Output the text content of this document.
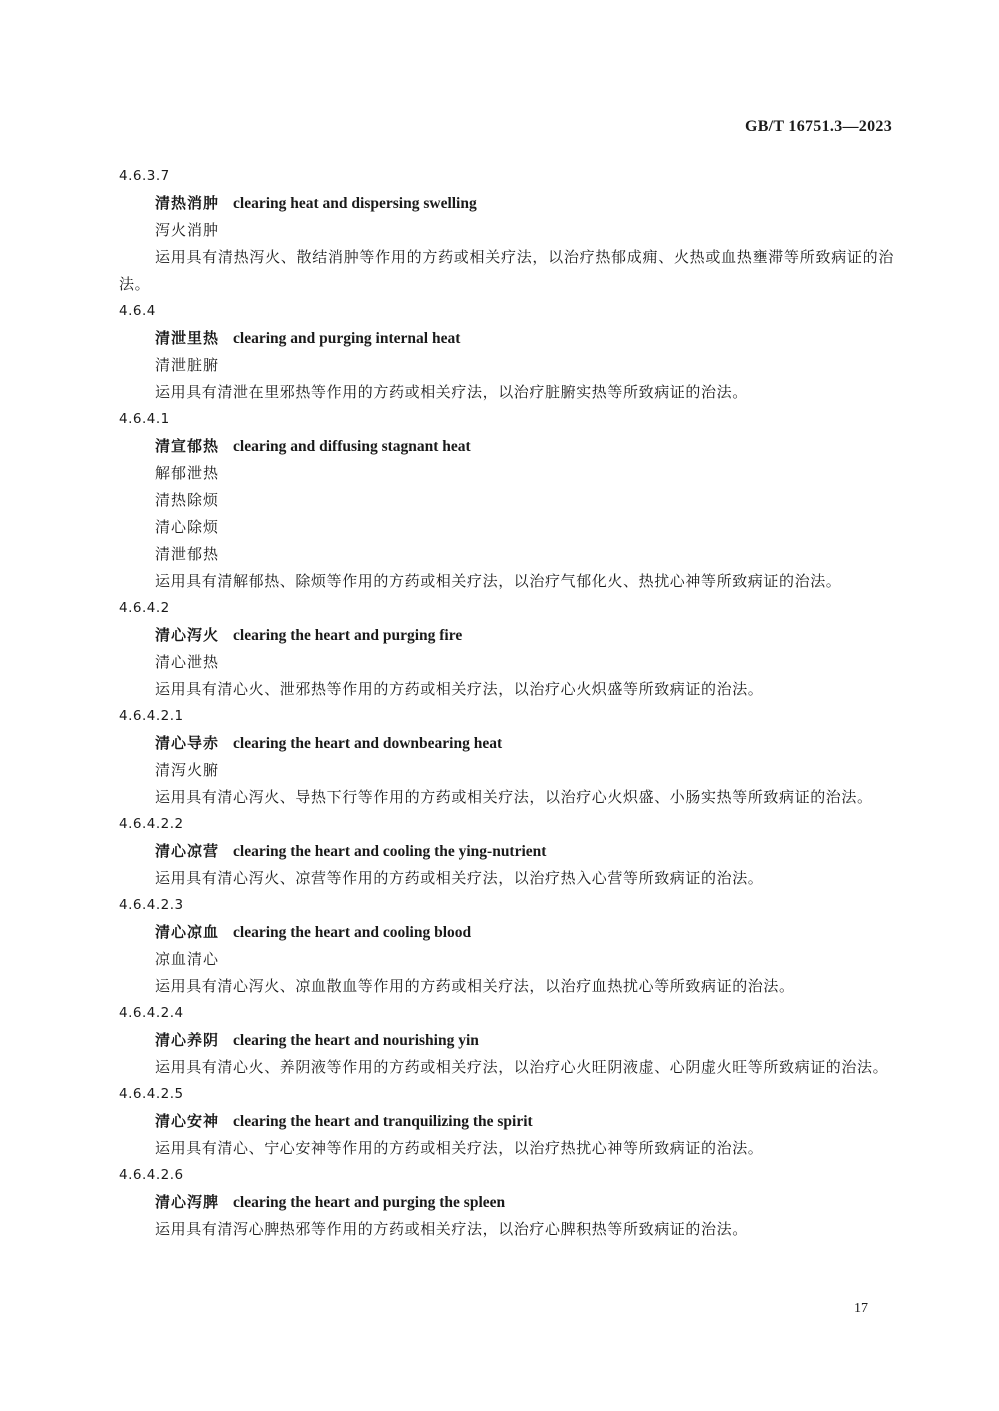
GB/T 16751.3—2023
4.6.3.7
清热消肿 clearing heat and dispersing swelling
泻火消肿
运用具有清热泻火、散结消肿等作用的方药或相关疗法，以治疗热郁成痈、火热或血热壅滞等所致病证的治法。
4.6.4
清泄里热 clearing and purging internal heat
清泄脏腑
运用具有清泄在里邪热等作用的方药或相关疗法，以治疗脏腑实热等所致病证的治法。
4.6.4.1
清宣郁热 clearing and diffusing stagnant heat
解郁泄热
清热除烦
清心除烦
清泄郁热
运用具有清解郁热、除烦等作用的方药或相关疗法，以治疗气郁化火、热扰心神等所致病证的治法。
4.6.4.2
清心泻火 clearing the heart and purging fire
清心泄热
运用具有清心火、泄邪热等作用的方药或相关疗法，以治疗心火炽盛等所致病证的治法。
4.6.4.2.1
清心导赤 clearing the heart and downbearing heat
清泻火腑
运用具有清心泻火、导热下行等作用的方药或相关疗法，以治疗心火炽盛、小肠实热等所致病证的治法。
4.6.4.2.2
清心凉营 clearing the heart and cooling the ying-nutrient
运用具有清心泻火、凉营等作用的方药或相关疗法，以治疗热入心营等所致病证的治法。
4.6.4.2.3
清心凉血 clearing the heart and cooling blood
凉血清心
运用具有清心泻火、凉血散血等作用的方药或相关疗法，以治疗血热扰心等所致病证的治法。
4.6.4.2.4
清心养阴 clearing the heart and nourishing yin
运用具有清心火、养阴液等作用的方药或相关疗法，以治疗心火旺阴液虚、心阴虚火旺等所致病证的治法。
4.6.4.2.5
清心安神 clearing the heart and tranquilizing the spirit
运用具有清心、宁心安神等作用的方药或相关疗法，以治疗热扰心神等所致病证的治法。
4.6.4.2.6
清心泻脾 clearing the heart and purging the spleen
运用具有清泻心脾热邪等作用的方药或相关疗法，以治疗心脾积热等所致病证的治法。
17
